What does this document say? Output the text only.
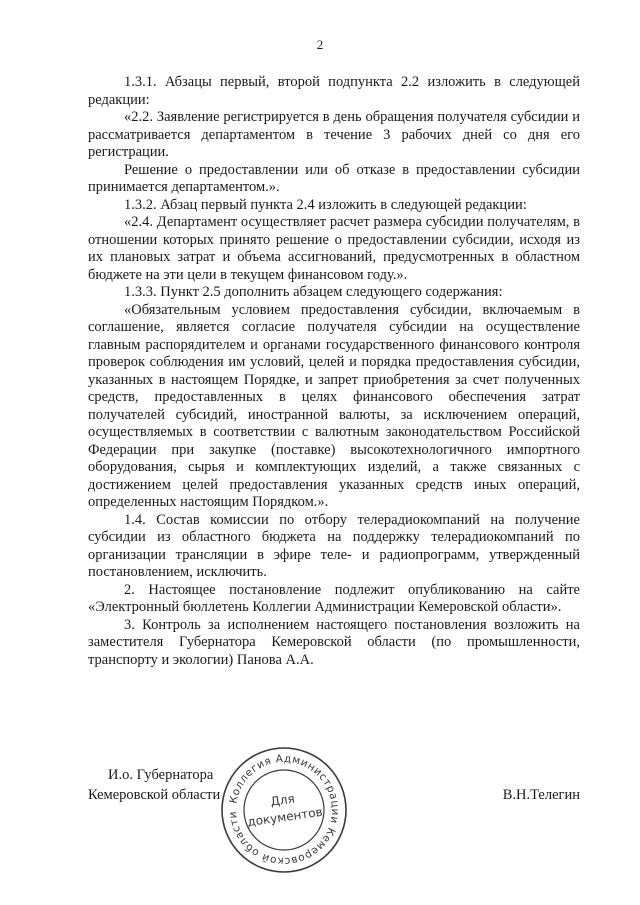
2

1.3.1. Абзацы первый, второй подпункта 2.2 изложить в следующей редакции:

«2.2. Заявление регистрируется в день обращения получателя субсидии и рассматривается департаментом в течение 3 рабочих дней со дня его регистрации.

Решение о предоставлении или об отказе в предоставлении субсидии принимается департаментом.».

1.3.2. Абзац первый пункта 2.4 изложить в следующей редакции:

«2.4. Департамент осуществляет расчет размера субсидии получателям, в отношении которых принято решение о предоставлении субсидии, исходя из их плановых затрат и объема ассигнований, предусмотренных в областном бюджете на эти цели в текущем финансовом году.».

1.3.3. Пункт 2.5 дополнить абзацем следующего содержания:

«Обязательным условием предоставления субсидии, включаемым в соглашение, является согласие получателя субсидии на осуществление главным распорядителем и органами государственного финансового контроля проверок соблюдения им условий, целей и порядка предоставления субсидии, указанных в настоящем Порядке, и запрет приобретения за счет полученных средств, предоставленных в целях финансового обеспечения затрат получателей субсидий, иностранной валюты, за исключением операций, осуществляемых в соответствии с валютным законодательством Российской Федерации при закупке (поставке) высокотехнологичного импортного оборудования, сырья и комплектующих изделий, а также связанных с достижением целей предоставления указанных средств иных операций, определенных настоящим Порядком.».

1.4. Состав комиссии по отбору телерадиокомпаний на получение субсидии из областного бюджета на поддержку телерадиокомпаний по организации трансляции в эфире теле- и радиопрограмм, утвержденный постановлением, исключить.

2. Настоящее постановление подлежит опубликованию на сайте «Электронный бюллетень Коллегии Администрации Кемеровской области».

3. Контроль за исполнением настоящего постановления возложить на заместителя Губернатора Кемеровской области (по промышленности, транспорту и экологии) Панова А.А.

И.о. Губернатора
Кемеровской области	В.Н.Телегин
Коллегия Администрации Кемеровской области
Для
документов
